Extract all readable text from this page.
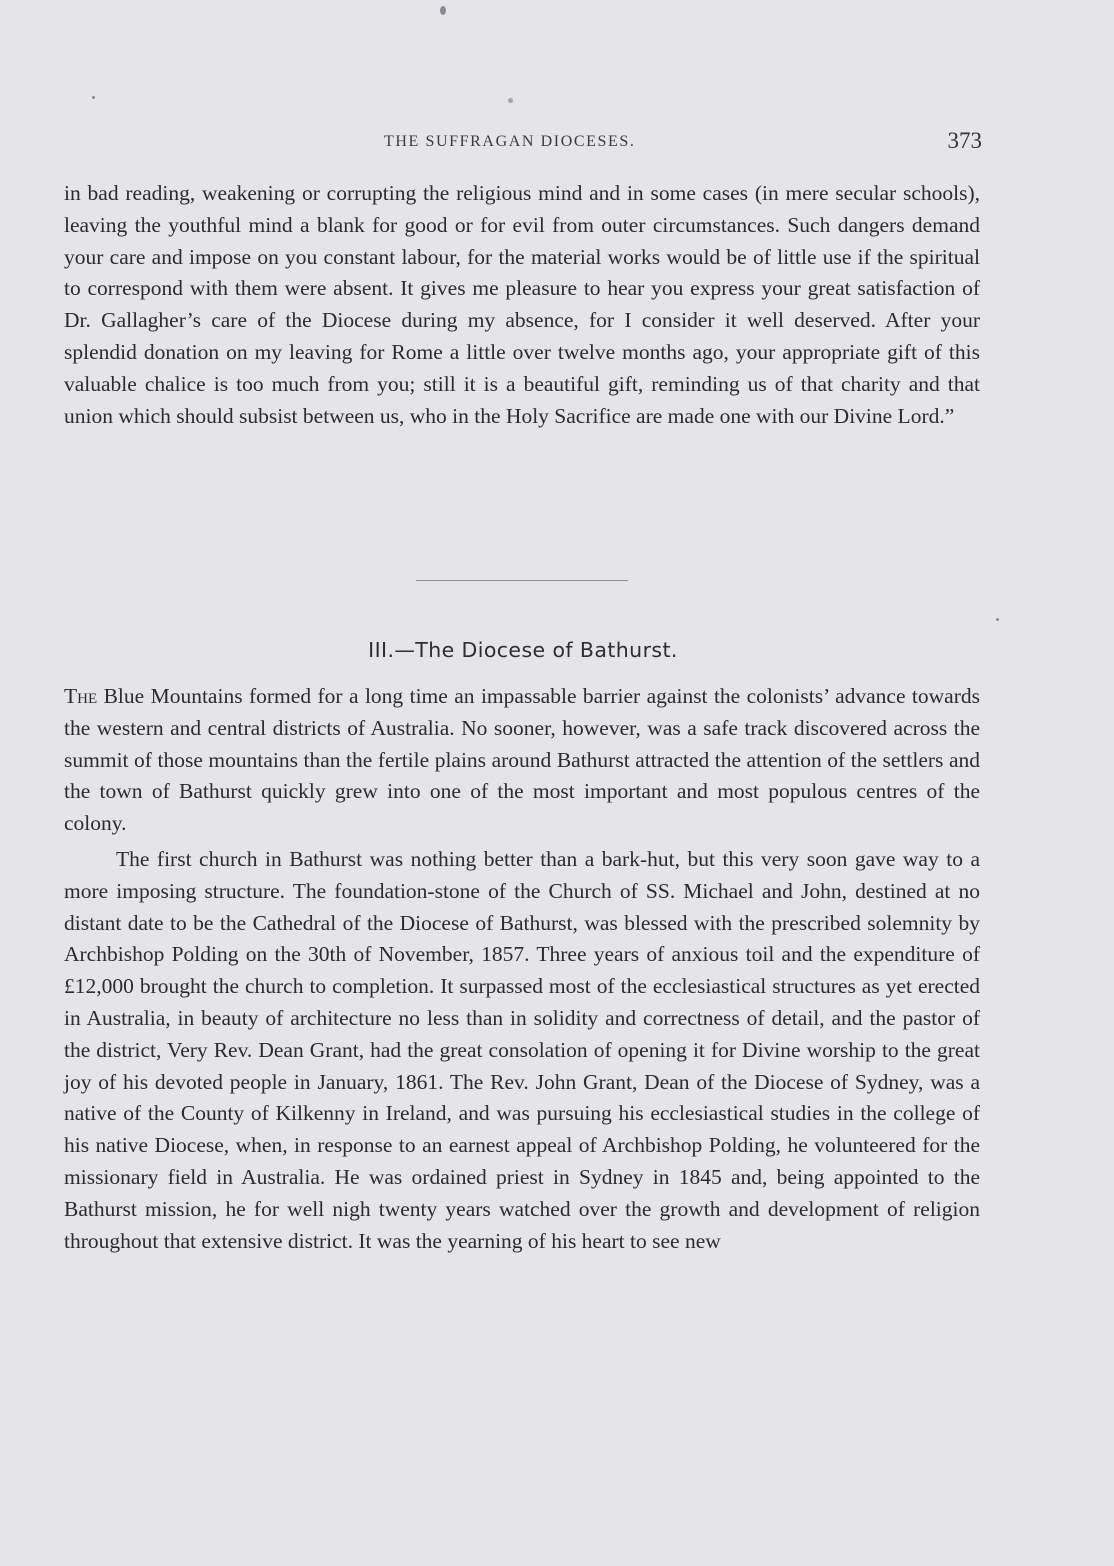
THE SUFFRAGAN DIOCESES.	373
in bad reading, weakening or corrupting the religious mind and in some cases (in mere secular schools), leaving the youthful mind a blank for good or for evil from outer circumstances. Such dangers demand your care and impose on you constant labour, for the material works would be of little use if the spiritual to correspond with them were absent. It gives me pleasure to hear you express your great satisfaction of Dr. Gallagher’s care of the Diocese during my absence, for I consider it well deserved. After your splendid donation on my leaving for Rome a little over twelve months ago, your appropriate gift of this valuable chalice is too much from you; still it is a beautiful gift, reminding us of that charity and that union which should subsist between us, who in the Holy Sacrifice are made one with our Divine Lord.”
III.—The Diocese of Bathurst.

The Blue Mountains formed for a long time an impassable barrier against the colonists’ advance towards the western and central districts of Australia. No sooner, however, was a safe track discovered across the summit of those mountains than the fertile plains around Bathurst attracted the attention of the settlers and the town of Bathurst quickly grew into one of the most important and most populous centres of the colony.

The first church in Bathurst was nothing better than a bark-hut, but this very soon gave way to a more imposing structure. The foundation-stone of the Church of SS. Michael and John, destined at no distant date to be the Cathedral of the Diocese of Bathurst, was blessed with the prescribed solemnity by Archbishop Polding on the 30th of November, 1857. Three years of anxious toil and the expenditure of £12,000 brought the church to completion. It surpassed most of the ecclesiastical structures as yet erected in Australia, in beauty of architecture no less than in solidity and correctness of detail, and the pastor of the district, Very Rev. Dean Grant, had the great consolation of opening it for Divine worship to the great joy of his devoted people in January, 1861. The Rev. John Grant, Dean of the Diocese of Sydney, was a native of the County of Kilkenny in Ireland, and was pursuing his ecclesiastical studies in the college of his native Diocese, when, in response to an earnest appeal of Archbishop Polding, he volunteered for the missionary field in Australia. He was ordained priest in Sydney in 1845 and, being appointed to the Bathurst mission, he for well nigh twenty years watched over the growth and development of religion throughout that extensive district. It was the yearning of his heart to see new
